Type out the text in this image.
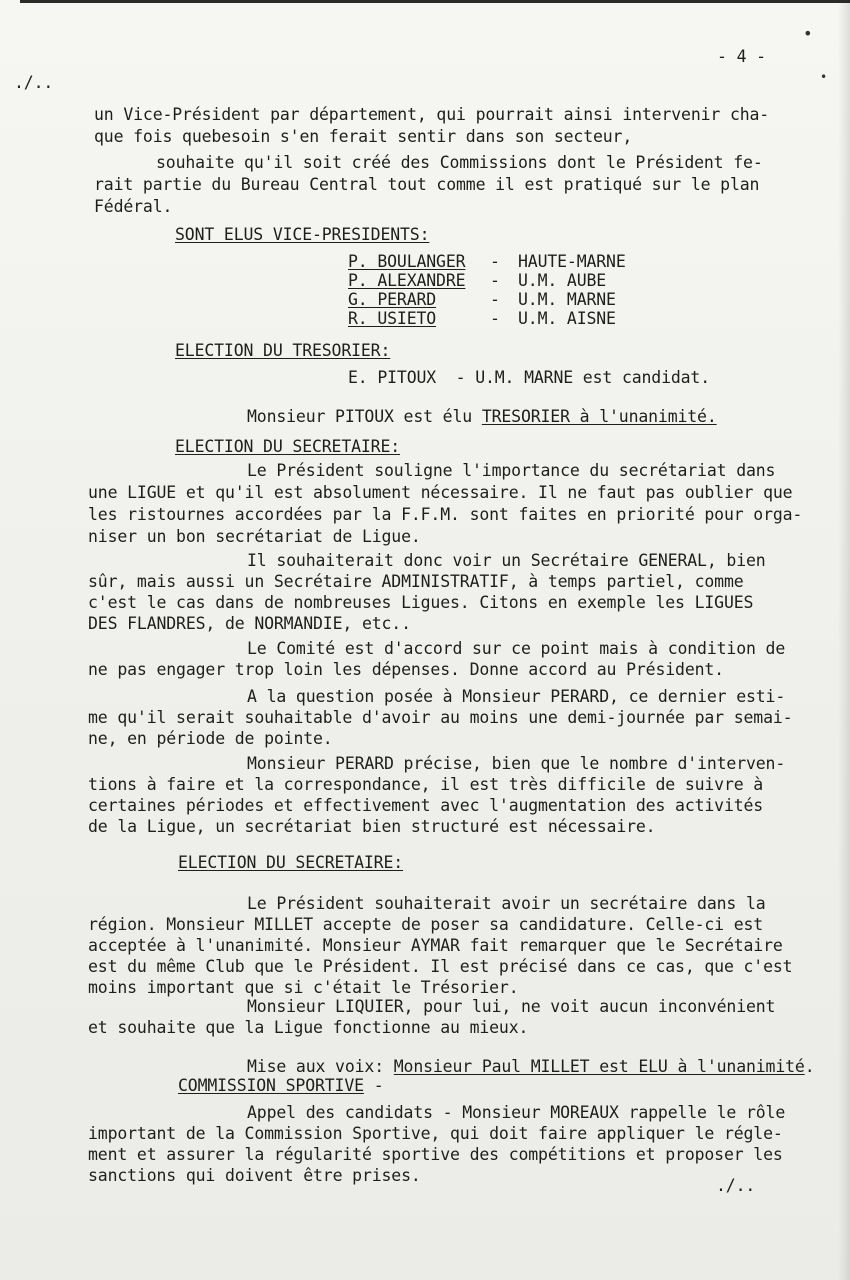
- 4 -
./..
un Vice-Président par département, qui pourrait ainsi intervenir cha-
que fois quebesoin s'en ferait sentir dans son secteur,
souhaite qu'il soit créé des Commissions dont le Président fe-
rait partie du Bureau Central tout comme il est pratiqué sur le plan
Fédéral.
SONT ELUS VICE-PRESIDENTS:
P. BOULANGER - HAUTE-MARNE
P. ALEXANDRE - U.M. AUBE
G. PERARD	- U.M. MARNE
R. USIETO	- U.M. AISNE
ELECTION DU TRESORIER:
E. PITOUX  - U.M. MARNE est candidat.
Monsieur PITOUX est élu TRESORIER à l'unanimité.
ELECTION DU SECRETAIRE:
Le Président souligne l'importance du secrétariat dans
une LIGUE et qu'il est absolument nécessaire. Il ne faut pas oublier que
les ristournes accordées par la F.F.M. sont faites en priorité pour orga-
niser un bon secrétariat de Ligue.
Il souhaiterait donc voir un Secrétaire GENERAL, bien
sûr, mais aussi un Secrétaire ADMINISTRATIF, à temps partiel, comme
c'est le cas dans de nombreuses Ligues. Citons en exemple les LIGUES
DES FLANDRES, de NORMANDIE, etc..
Le Comité est d'accord sur ce point mais à condition de
ne pas engager trop loin les dépenses. Donne accord au Président.
A la question posée à Monsieur PERARD, ce dernier esti-
me qu'il serait souhaitable d'avoir au moins une demi-journée par semai-
ne, en période de pointe.
Monsieur PERARD précise, bien que le nombre d'interven-
tions à faire et la correspondance, il est très difficile de suivre à
certaines périodes et effectivement avec l'augmentation des activités
de la Ligue, un secrétariat bien structuré est nécessaire.
ELECTION DU SECRETAIRE:
Le Président souhaiterait avoir un secrétaire dans la
région. Monsieur MILLET accepte de poser sa candidature. Celle-ci est
acceptée à l'unanimité. Monsieur AYMAR fait remarquer que le Secrétaire
est du même Club que le Président. Il est précisé dans ce cas, que c'est
moins important que si c'était le Trésorier.
Monsieur LIQUIER, pour lui, ne voit aucun inconvénient
et souhaite que la Ligue fonctionne au mieux.
Mise aux voix: Monsieur Paul MILLET est ELU à l'unanimité.
COMMISSION SPORTIVE -
Appel des candidats - Monsieur MOREAUX rappelle le rôle
important de la Commission Sportive, qui doit faire appliquer le régle-
ment et assurer la régularité sportive des compétitions et proposer les
sanctions qui doivent être prises.
./..
•
•
